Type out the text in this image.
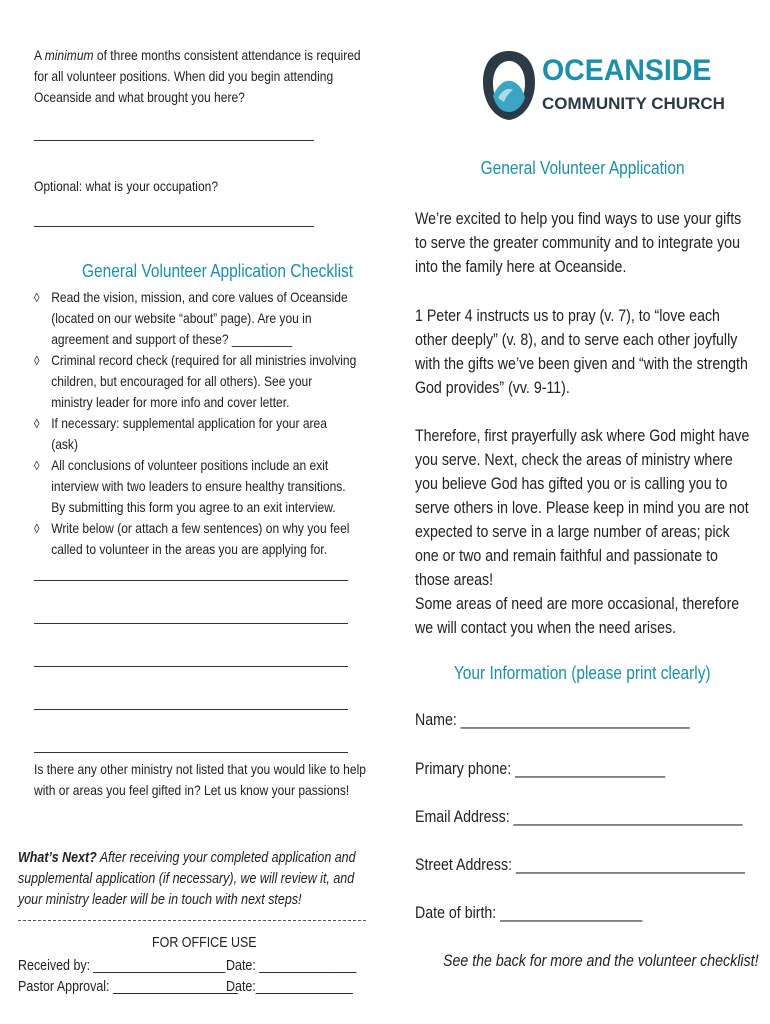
A minimum of three months consistent attendance is required for all volunteer positions. When did you begin attending Oceanside and what brought you here?
Optional: what is your occupation?
General Volunteer Application Checklist
◊ Read the vision, mission, and core values of Oceanside (located on our website “about” page). Are you in agreement and support of these? _________
◊ Criminal record check (required for all ministries involving children, but encouraged for all others). See your ministry leader for more info and cover letter.
◊ If necessary: supplemental application for your area (ask)
◊ All conclusions of volunteer positions include an exit interview with two leaders to ensure healthy transitions. By submitting this form you agree to an exit interview.
◊ Write below (or attach a few sentences) on why you feel called to volunteer in the areas you are applying for.
Is there any other ministry not listed that you would like to help with or areas you feel gifted in? Let us know your passions!
What’s Next? After receiving your completed application and supplemental application (if necessary), we will review it, and your ministry leader will be in touch with next steps!
FOR OFFICE USE
Received by: ___________________ Date: ______________
Pastor Approval: __________________
Date:______________
OCEANSIDE
COMMUNITY CHURCH
General Volunteer Application
We’re excited to help you find ways to use your gifts to serve the greater community and to integrate you into the family here at Oceanside.
1 Peter 4 instructs us to pray (v. 7), to “love each other deeply” (v. 8), and to serve each other joyfully with the gifts we’ve been given and “with the strength God provides” (vv. 9-11).
Therefore, first prayerfully ask where God might have you serve. Next, check the areas of ministry where you believe God has gifted you or is calling you to serve others in love. Please keep in mind you are not expected to serve in a large number of areas; pick one or two and remain faithful and passionate to those areas!
Some areas of need are more occasional, therefore we will contact you when the need arises.
Your Information (please print clearly)
Name: _____________________________
Primary phone: ___________________
Email Address: _____________________________
Street Address: _____________________________
Date of birth: __________________
See the back for more and the volunteer checklist!
